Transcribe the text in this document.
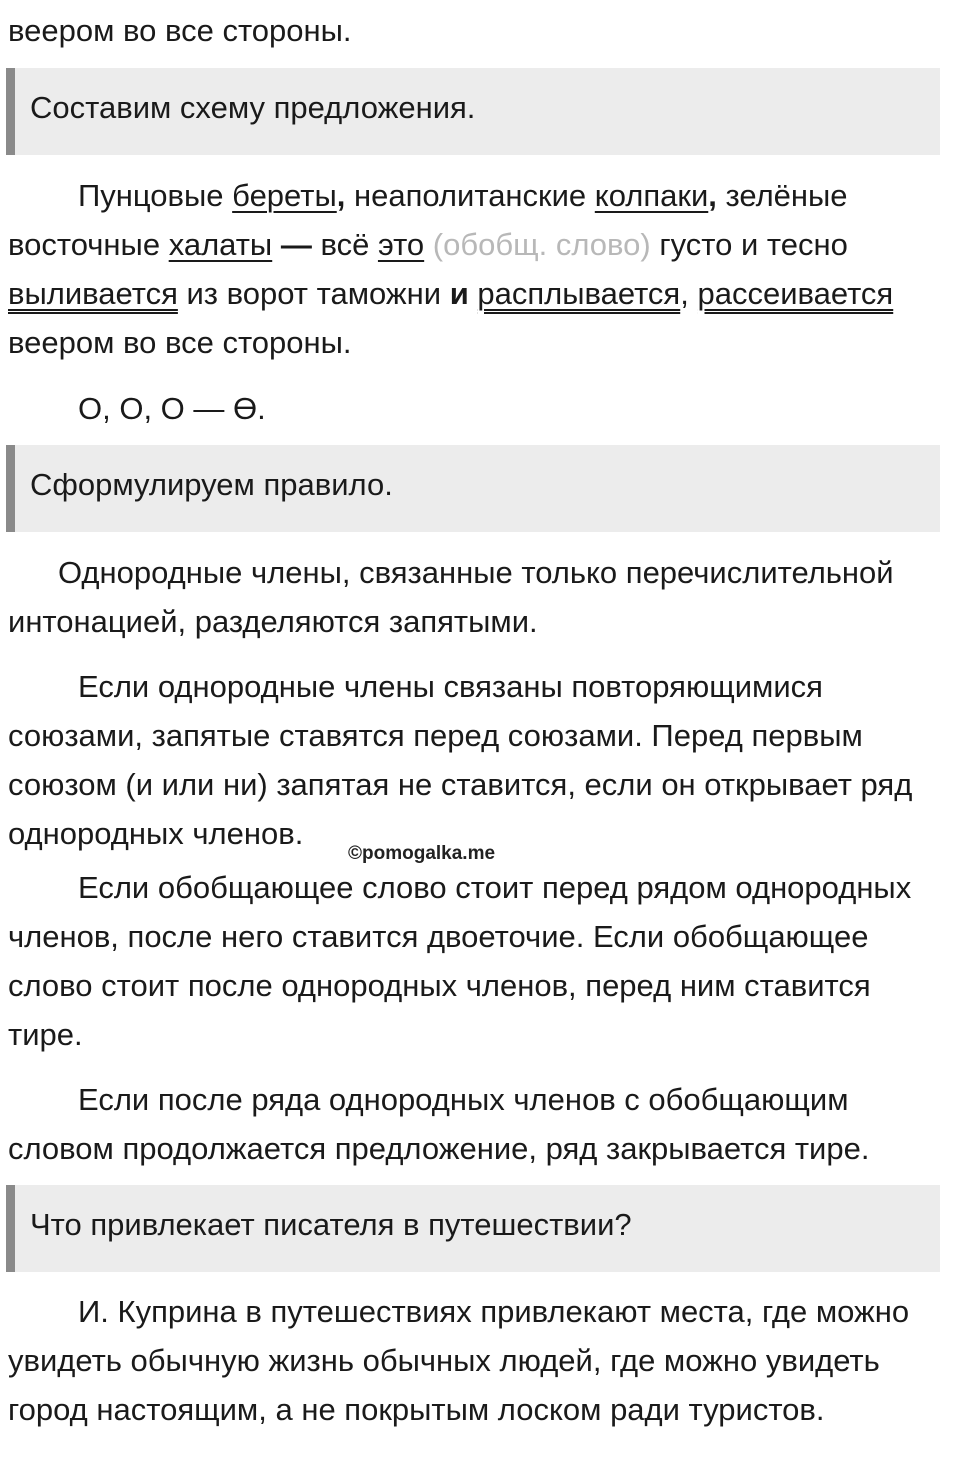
веером во все стороны.

Составим схему предложения.

Пунцовые береты, неаполитанские колпаки, зелёные восточные халаты — всё это (обобщ. слово) густо и тесно выливается из ворот таможни и расплывается, рассеивается веером во все стороны.

О, О, О — Ө.
Сформулируем правило.

Однородные члены, связанные только перечислительной интонацией, разделяются запятыми.

Если однородные члены связаны повторяющимися союзами, запятые ставятся перед союзами. Перед первым союзом (и или ни) запятая не ставится, если он открывает ряд однородных членов.

©pomogalka.me

Если обобщающее слово стоит перед рядом однородных членов, после него ставится двоеточие. Если обобщающее слово стоит после однородных членов, перед ним ставится тире.

Если после ряда однородных членов с обобщающим словом продолжается предложение, ряд закрывается тире.

Что привлекает писателя в путешествии?

И. Куприна в путешествиях привлекают места, где можно увидеть обычную жизнь обычных людей, где можно увидеть город настоящим, а не покрытым лоском ради туристов.
